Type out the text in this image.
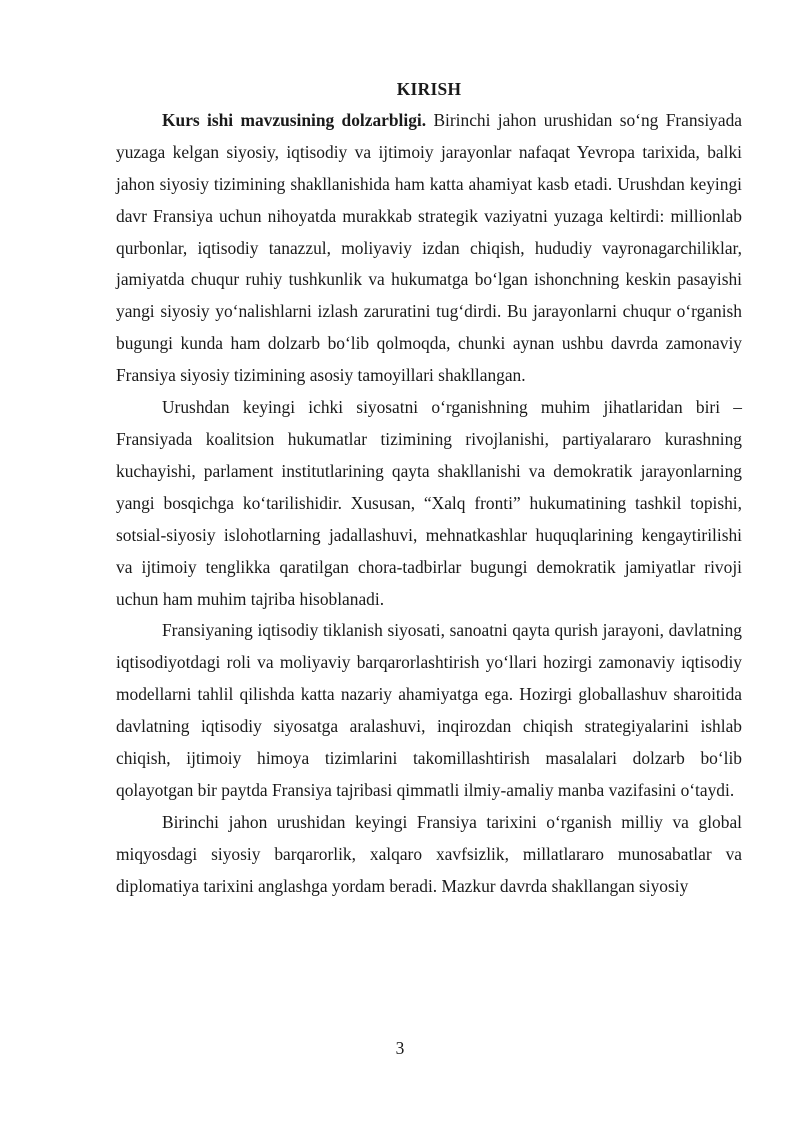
KIRISH

Kurs ishi mavzusining dolzarbligi. Birinchi jahon urushidan so‘ng Fransiyada yuzaga kelgan siyosiy, iqtisodiy va ijtimoiy jarayonlar nafaqat Yevropa tarixida, balki jahon siyosiy tizimining shakllanishida ham katta ahamiyat kasb etadi. Urushdan keyingi davr Fransiya uchun nihoyatda murakkab strategik vaziyatni yuzaga keltirdi: millionlab qurbonlar, iqtisodiy tanazzul, moliyaviy izdan chiqish, hududiy vayronagarchiliklar, jamiyatda chuqur ruhiy tushkunlik va hukumatga bo‘lgan ishonchning keskin pasayishi yangi siyosiy yo‘nalishlarni izlash zaruratini tug‘dirdi. Bu jarayonlarni chuqur o‘rganish bugungi kunda ham dolzarb bo‘lib qolmoqda, chunki aynan ushbu davrda zamonaviy Fransiya siyosiy tizimining asosiy tamoyillari shakllangan.

Urushdan keyingi ichki siyosatni o‘rganishning muhim jihatlaridan biri – Fransiyada koalitsion hukumatlar tizimining rivojlanishi, partiyalararo kurashning kuchayishi, parlament institutlarining qayta shakllanishi va demokratik jarayonlarning yangi bosqichga ko‘tarilishidir. Xususan, “Xalq fronti” hukumatining tashkil topishi, sotsial-siyosiy islohotlarning jadallashuvi, mehnatkashlar huquqlarining kengaytirilishi va ijtimoiy tenglikka qaratilgan chora-tadbirlar bugungi demokratik jamiyatlar rivoji uchun ham muhim tajriba hisoblanadi.

Fransiyaning iqtisodiy tiklanish siyosati, sanoatni qayta qurish jarayoni, davlatning iqtisodiyotdagi roli va moliyaviy barqarorlashtirish yo‘llari hozirgi zamonaviy iqtisodiy modellarni tahlil qilishda katta nazariy ahamiyatga ega. Hozirgi globallashuv sharoitida davlatning iqtisodiy siyosatga aralashuvi, inqirozdan chiqish strategiyalarini ishlab chiqish, ijtimoiy himoya tizimlarini takomillashtirish masalalari dolzarb bo‘lib qolayotgan bir paytda Fransiya tajribasi qimmatli ilmiy-amaliy manba vazifasini o‘taydi.

Birinchi jahon urushidan keyingi Fransiya tarixini o‘rganish milliy va global miqyosdagi siyosiy barqarorlik, xalqaro xavfsizlik, millatlararo munosabatlar va diplomatiya tarixini anglashga yordam beradi. Mazkur davrda shakllangan siyosiy

3
